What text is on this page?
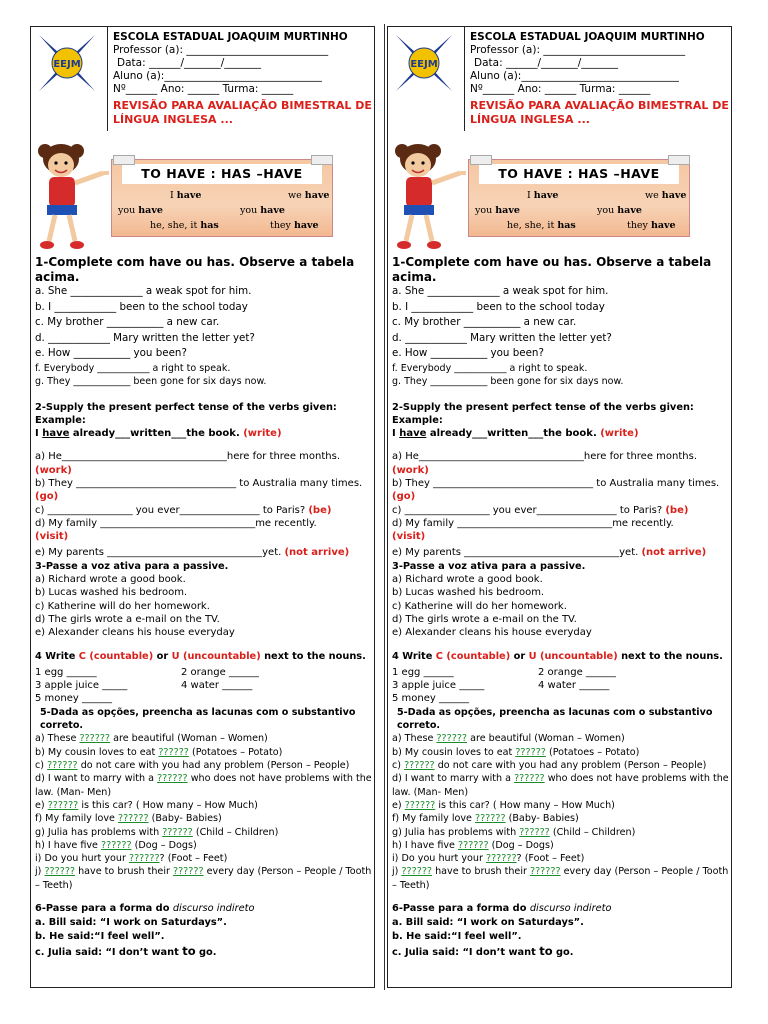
EEJM
ESCOLA ESTADUAL JOAQUIM MURTINHO
Professor (a): ___________________________
Data: ______/_______/_______
Aluno (a):______________________________
Nº______ Ano: ______ Turma: ______
REVISÃO PARA AVALIAÇÃO BIMESTRAL DE LÍNGUA INGLESA ...
TO HAVE : HAS –HAVE
I have	we have
you have	you have
he, she, it has	they have
1-Complete com have ou has. Observe a tabela acima.
a. She ______________ a weak spot for him.
b. I ____________ been to the school today
c. My brother ___________ a new car.
d. ____________ Mary written the letter yet?
e. How ___________ you been?
f. Everybody ___________ a right to speak.
g. They ____________ been gone for six days now.
2-Supply the present perfect tense of the verbs given:
Example:
I have already___written___the book. (write)
a) He_________________________________here for three months.
(work)
b) They ________________________________ to Australia many times. (go)
c) _________________ you ever________________ to Paris? (be)
d) My family _______________________________me recently.
(visit)
e) My parents _______________________________yet. (not arrive)
3-Passe a voz ativa para a passive.
a) Richard wrote a good book.
b) Lucas washed his bedroom.
c) Katherine will do her homework.
d) The girls wrote a e-mail on the TV.
e) Alexander cleans his house everyday
4 Write C (countable) or U (uncountable) next to the nouns.
1 egg ______	2 orange ______
3 apple juice _____	4 water ______
5 money ______
5-Dada as opções, preencha as lacunas com o substantivo correto.
a) These ?????? are beautiful (Woman – Women)
b) My cousin loves to eat ?????? (Potatoes – Potato)
c) ?????? do not care with you had any problem (Person – People)
d) I want to marry with a ?????? who does not have problems with the law. (Man- Men)
e) ?????? is this car? ( How many – How Much)
f) My family love ?????? (Baby- Babies)
g) Julia has problems with ?????? (Child – Children)
h) I have five ?????? (Dog – Dogs)
i) Do you hurt your ??????? (Foot – Feet)
j) ?????? have to brush their ?????? every day (Person – People / Tooth – Teeth)
6-Passe para a forma do discurso indireto
a. Bill said: “I work on Saturdays”.
b. He said:“I feel well”.
c. Julia said: “I don’t want to go.
EEJM
ESCOLA ESTADUAL JOAQUIM MURTINHO
Professor (a): ___________________________
Data: ______/_______/_______
Aluno (a):______________________________
Nº______ Ano: ______ Turma: ______
REVISÃO PARA AVALIAÇÃO BIMESTRAL DE LÍNGUA INGLESA ...
TO HAVE : HAS –HAVE
I have	we have
you have	you have
he, she, it has	they have
1-Complete com have ou has. Observe a tabela acima.
a. She ______________ a weak spot for him.
b. I ____________ been to the school today
c. My brother ___________ a new car.
d. ____________ Mary written the letter yet?
e. How ___________ you been?
f. Everybody ___________ a right to speak.
g. They ____________ been gone for six days now.
2-Supply the present perfect tense of the verbs given:
Example:
I have already___written___the book. (write)
a) He_________________________________here for three months.
(work)
b) They ________________________________ to Australia many times. (go)
c) _________________ you ever________________ to Paris? (be)
d) My family _______________________________me recently.
(visit)
e) My parents _______________________________yet. (not arrive)
3-Passe a voz ativa para a passive.
a) Richard wrote a good book.
b) Lucas washed his bedroom.
c) Katherine will do her homework.
d) The girls wrote a e-mail on the TV.
e) Alexander cleans his house everyday
4 Write C (countable) or U (uncountable) next to the nouns.
1 egg ______	2 orange ______
3 apple juice _____	4 water ______
5 money ______
5-Dada as opções, preencha as lacunas com o substantivo correto.
a) These ?????? are beautiful (Woman – Women)
b) My cousin loves to eat ?????? (Potatoes – Potato)
c) ?????? do not care with you had any problem (Person – People)
d) I want to marry with a ?????? who does not have problems with the law. (Man- Men)
e) ?????? is this car? ( How many – How Much)
f) My family love ?????? (Baby- Babies)
g) Julia has problems with ?????? (Child – Children)
h) I have five ?????? (Dog – Dogs)
i) Do you hurt your ??????? (Foot – Feet)
j) ?????? have to brush their ?????? every day (Person – People / Tooth – Teeth)
6-Passe para a forma do discurso indireto
a. Bill said: “I work on Saturdays”.
b. He said:“I feel well”.
c. Julia said: “I don’t want to go.
